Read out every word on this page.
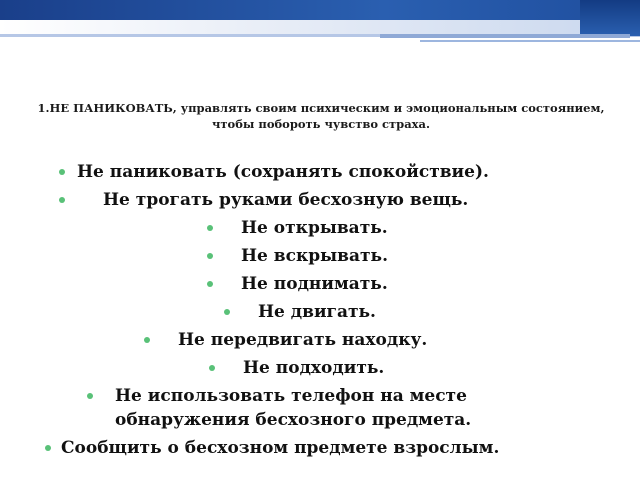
1.НЕ ПАНИКОВАТЬ, управлять своим психическим и эмоциональным состоянием, чтобы побороть чувство страха.
Не паниковать (сохранять спокойствие).
Не трогать руками бесхозную вещь.
Не открывать.
Не вскрывать.
Не поднимать.
Не двигать.
Не передвигать находку.
Не подходить.
Не использовать телефон на месте обнаружения бесхозного предмета.
Сообщить о бесхозном предмете взрослым.
